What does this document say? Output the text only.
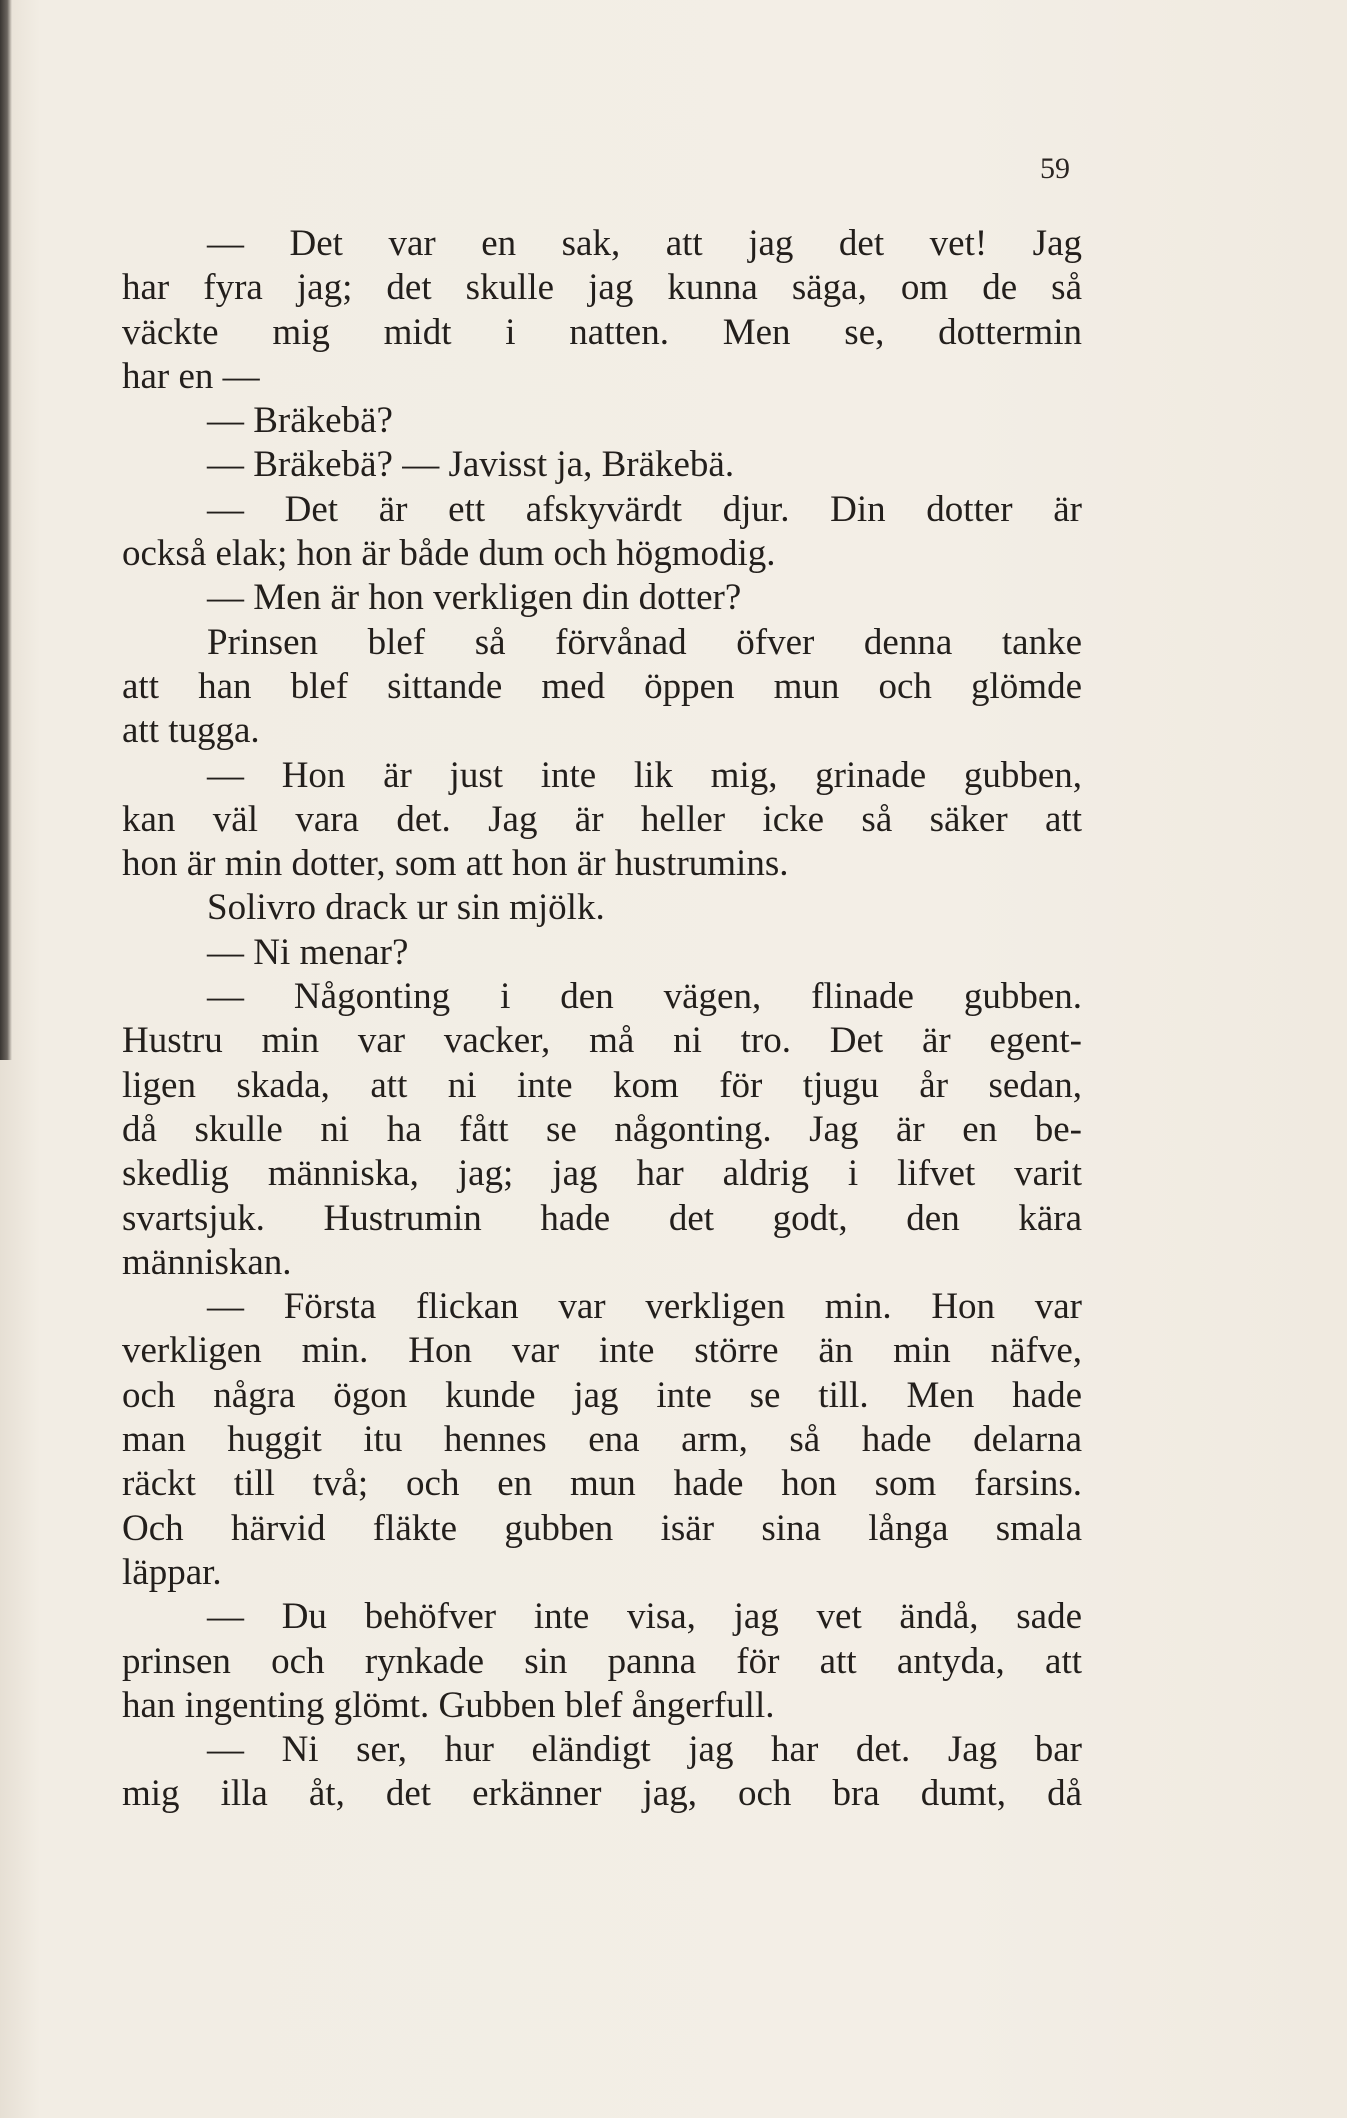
59
— Det var en sak, att jag det vet! Jag
har fyra jag; det skulle jag kunna säga, om de så
väckte mig midt i natten. Men se, dottermin
har en —
— Bräkebä?
— Bräkebä? — Javisst ja, Bräkebä.
— Det är ett afskyvärdt djur. Din dotter är
också elak; hon är både dum och högmodig.
— Men är hon verkligen din dotter?
Prinsen blef så förvånad öfver denna tanke
att han blef sittande med öppen mun och glömde
att tugga.
— Hon är just inte lik mig, grinade gubben,
kan väl vara det. Jag är heller icke så säker att
hon är min dotter, som att hon är hustrumins.
Solivro drack ur sin mjölk.
— Ni menar?
— Någonting i den vägen, flinade gubben.
Hustru min var vacker, må ni tro. Det är egent-
ligen skada, att ni inte kom för tjugu år sedan,
då skulle ni ha fått se någonting. Jag är en be-
skedlig människa, jag; jag har aldrig i lifvet varit
svartsjuk. Hustrumin hade det godt, den kära
människan.
— Första flickan var verkligen min. Hon var
verkligen min. Hon var inte större än min näfve,
och några ögon kunde jag inte se till. Men hade
man huggit itu hennes ena arm, så hade delarna
räckt till två; och en mun hade hon som farsins.
Och härvid fläkte gubben isär sina långa smala
läppar.
— Du behöfver inte visa, jag vet ändå, sade
prinsen och rynkade sin panna för att antyda, att
han ingenting glömt. Gubben blef ångerfull.
— Ni ser, hur eländigt jag har det. Jag bar
mig illa åt, det erkänner jag, och bra dumt, då
